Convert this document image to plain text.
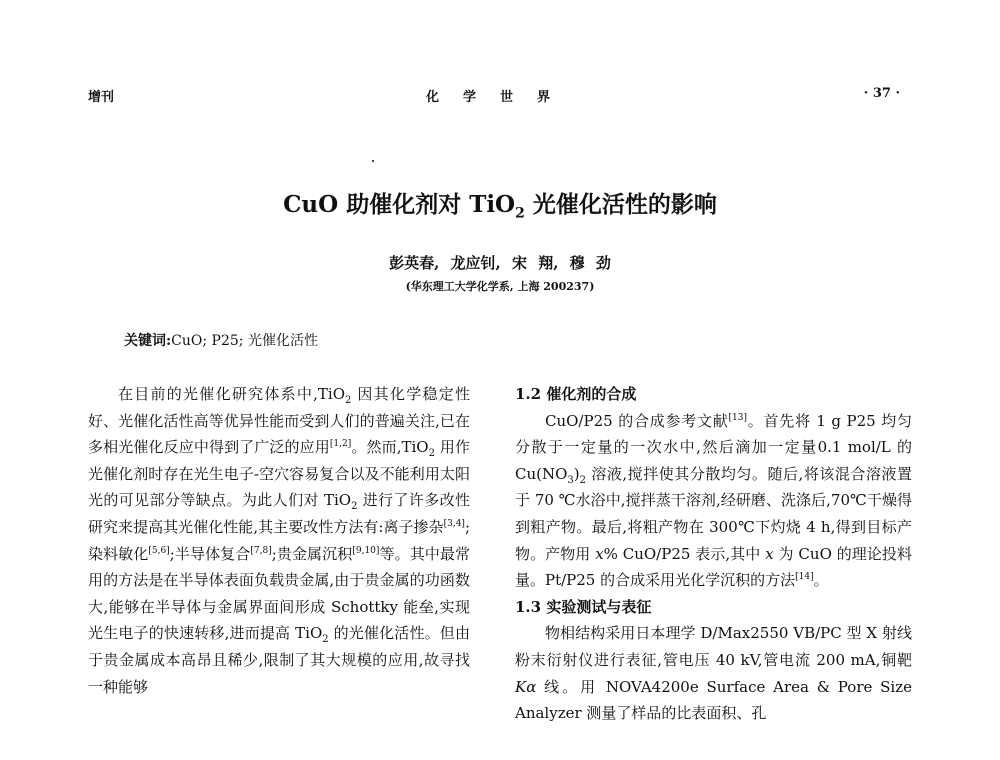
增刊	化学世界	· 37 ·
CuO 助催化剂对 TiO$_2$ 光催化活性的影响
彭英春, 龙应钊, 宋 翔, 穆 劲
(华东理工大学化学系, 上海 200237)
关键词:CuO; P25; 光催化活性

在目前的光催化研究体系中,TiO$_2$ 因其化学稳定性好、光催化活性高等优异性能而受到人们的普遍关注,已在多相光催化反应中得到了广泛的应用[1,2]。然而,TiO$_2$ 用作光催化剂时存在光生电子-空穴容易复合以及不能利用太阳光的可见部分等缺点。为此人们对 TiO$_2$ 进行了许多改性研究来提高其光催化性能,其主要改性方法有:离子掺杂[3,4];染料敏化[5,6];半导体复合[7,8];贵金属沉积[9,10]等。其中最常用的方法是在半导体表面负载贵金属,由于贵金属的功函数大,能够在半导体与金属界面间形成 Schottky 能垒,实现光生电子的快速转移,进而提高 TiO$_2$ 的光催化活性。但由于贵金属成本高昂且稀少,限制了其大规模的应用,故寻找一种能够

1.2 催化剂的合成

CuO/P25 的合成参考文献[13]。首先将 1 g P25 均匀分散于一定量的一次水中,然后滴加一定量0.1 mol/L 的 $Cu(NO_3)_2$ 溶液,搅拌使其分散均匀。随后,将该混合溶液置于 70 ℃水浴中,搅拌蒸干溶剂,经研磨、洗涤后,70℃干燥得到粗产物。最后,将粗产物在 300℃下灼烧 4 h,得到目标产物。产物用 x% CuO/P25 表示,其中 x 为 CuO 的理论投料量。Pt/P25 的合成采用光化学沉积的方法[14]。

1.3 实验测试与表征

物相结构采用日本理学 D/Max2550 VB/PC 型 X 射线粉末衍射仪进行表征,管电压 40 kV,管电流 200 mA,铜靶 Kα 线。用 NOVA4200e Surface Area & Pore Size Analyzer 测量了样品的比表面积、孔
